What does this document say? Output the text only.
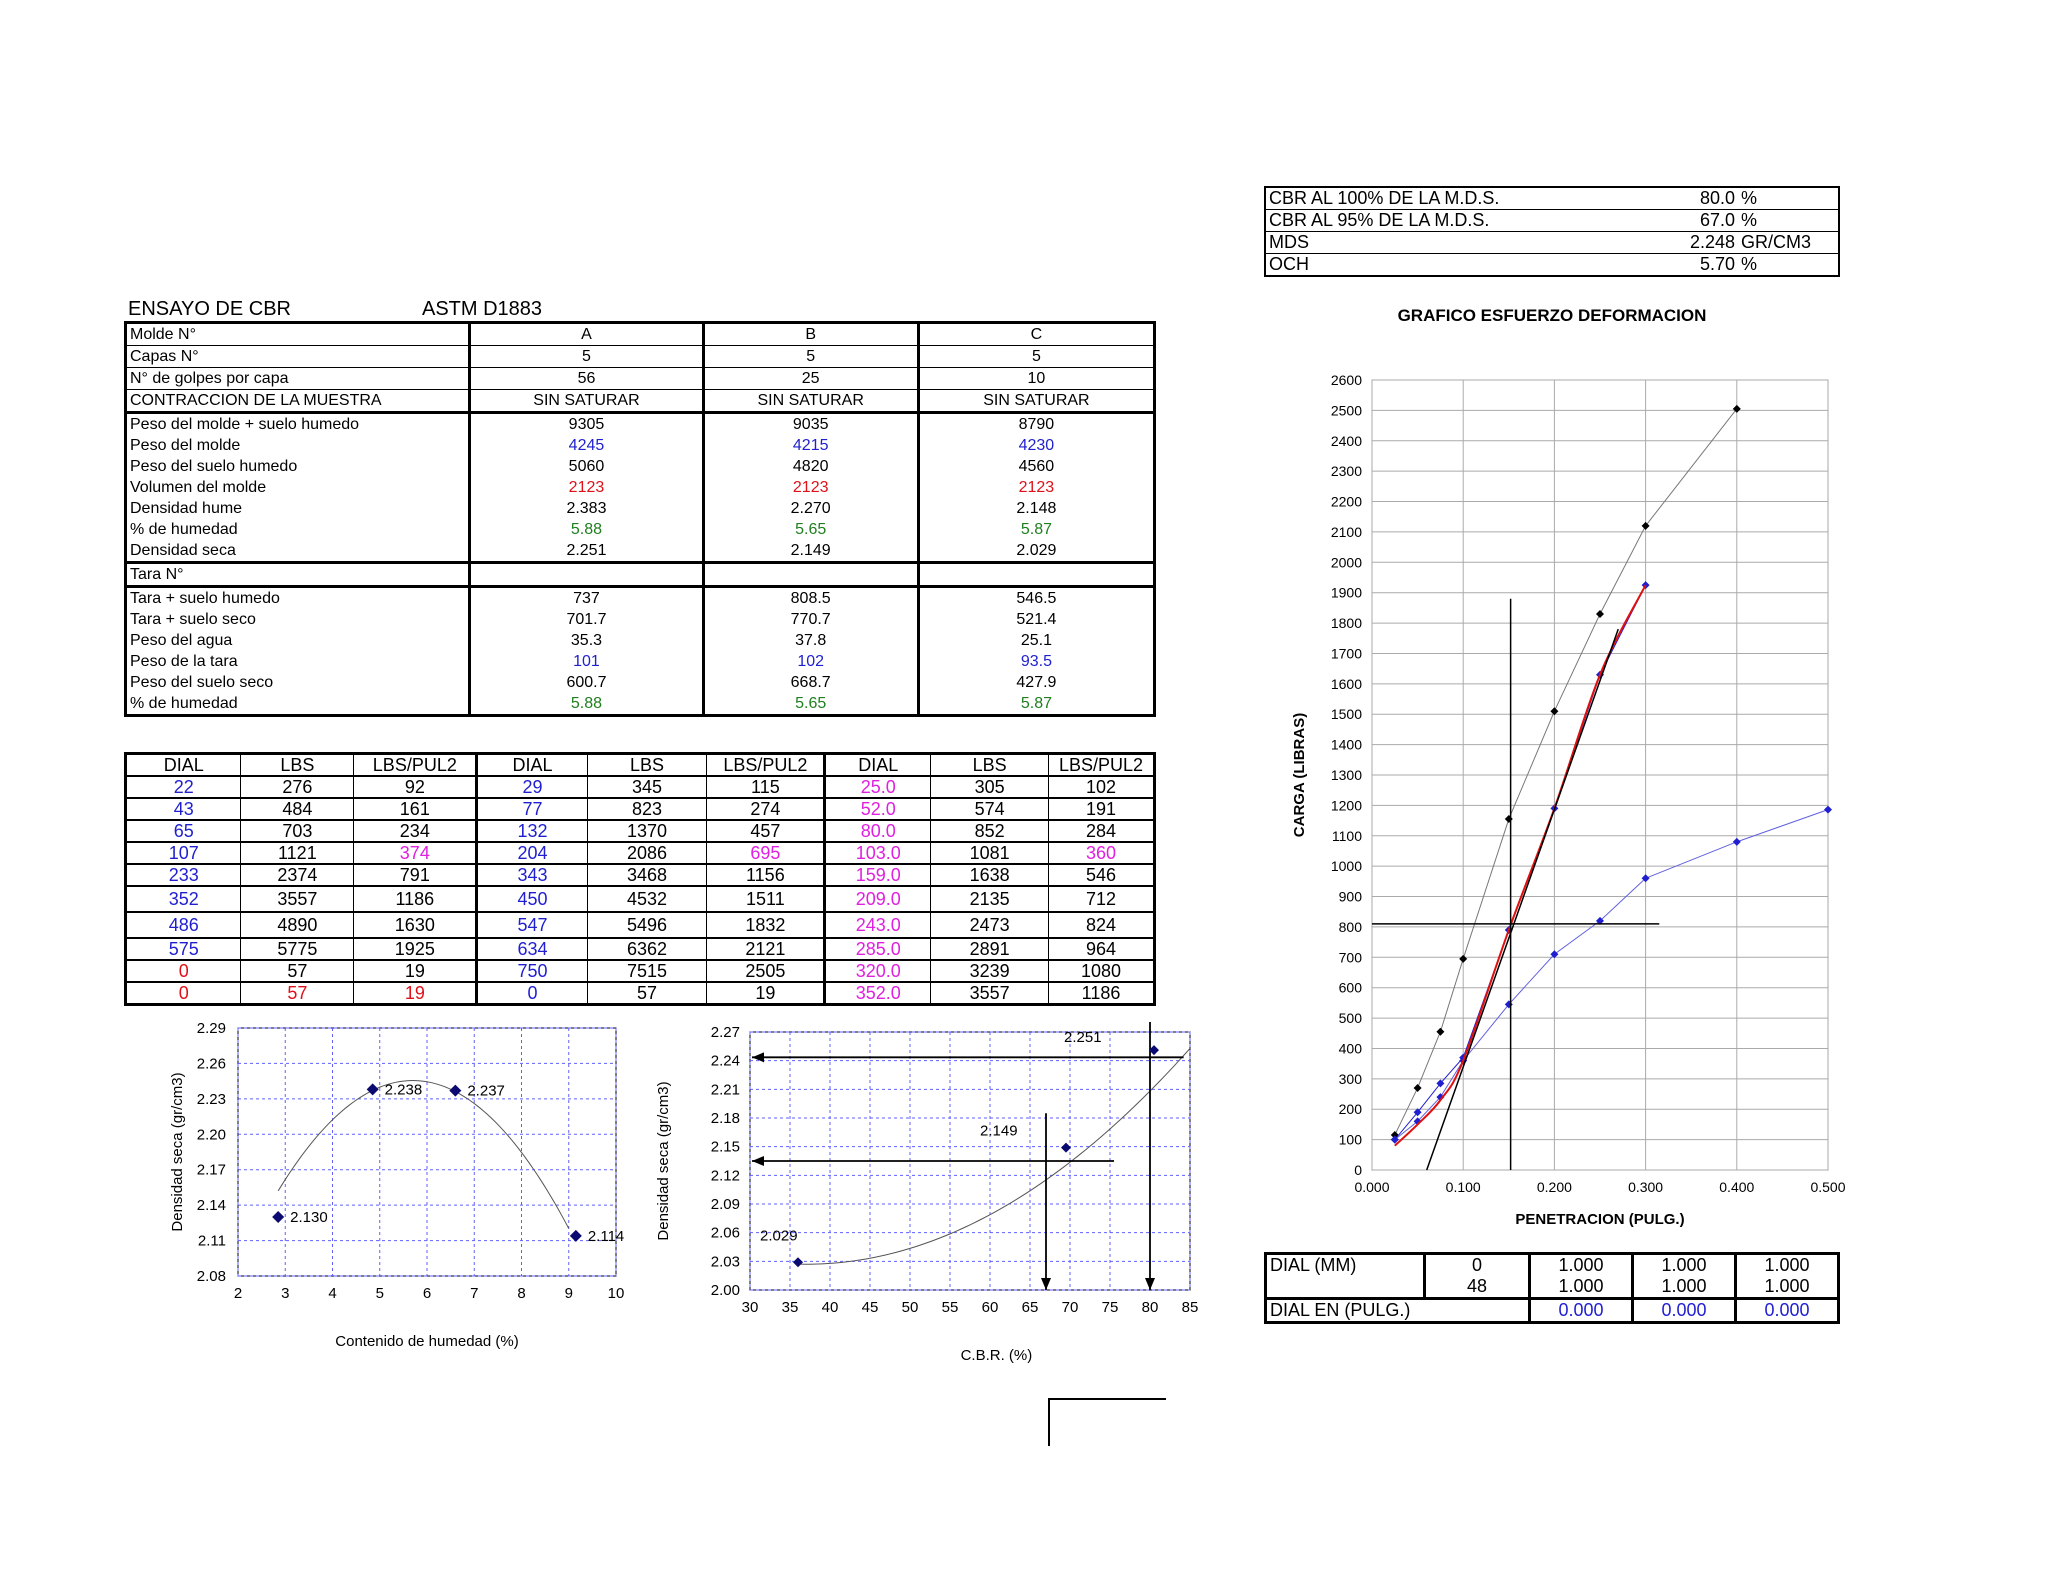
CBR AL 100% DE LA M.D.S.	80.0	%
CBR AL 95% DE LA M.D.S.	67.0	%
MDS	2.248	GR/CM3
OCH	5.70	%
ENSAYO DE CBR	ASTM D1883
Molde N°	A	B	C
Capas N°	5	5	5
N° de golpes por capa	56	25	10
CONTRACCION DE LA MUESTRA	SIN SATURAR	SIN SATURAR	SIN SATURAR
Peso del molde + suelo humedo	9305	9035	8790
Peso del molde	4245	4215	4230
Peso del suelo humedo	5060	4820	4560
Volumen del molde	2123	2123	2123
Densidad hume	2.383	2.270	2.148
% de humedad	5.88	5.65	5.87
Densidad seca	2.251	2.149	2.029
Tara N°			
Tara + suelo humedo	737	808.5	546.5
Tara + suelo seco	701.7	770.7	521.4
Peso del agua	35.3	37.8	25.1
Peso de la tara	101	102	93.5
Peso del suelo seco	600.7	668.7	427.9
% de humedad	5.88	5.65	5.87
DIAL	LBS	LBS/PUL2	DIAL	LBS	LBS/PUL2	DIAL	LBS	LBS/PUL2
22	276	92	29	345	115	25.0	305	102
43	484	161	77	823	274	52.0	574	191
65	703	234	132	1370	457	80.0	852	284
107	1121	374	204	2086	695	103.0	1081	360
233	2374	791	343	3468	1156	159.0	1638	546
352	3557	1186	450	4532	1511	209.0	2135	712
486	4890	1630	547	5496	1832	243.0	2473	824
575	5775	1925	634	6362	2121	285.0	2891	964
0	57	19	750	7515	2505	320.0	3239	1080
0	57	19	0	57	19	352.0	3557	1186
GRAFICO ESFUERZO DEFORMACION
0
100
200
300
400
500
600
700
800
900
1000
1100
1200
1300
1400
1500
1600
1700
1800
1900
2000
2100
2200
2300
2400
2500
2600
0.000	0.100	0.200	0.300	0.400	0.500
PENETRACION (PULG.)
CARGA (LIBRAS)
2.08
2.11
2.14
2.17
2.20
2.23
2.26
2.29
2	3	4	5	6	7	8	9 10
Contenido de humedad (%)
Densidad seca (gr/cm3)	2.130
2.238	2.237
2.114
2.00
2.03
2.06
2.09
2.12
2.15
2.18
2.21
2.24
2.27
30 35 40 45 50 55 60 65 70 75 80 85
C.B.R. (%)
Densidad seca (gr/cm3)	2.029
2.149
2.251
DIAL (MM)	0	1.000	1.000	1.000
	48	1.000	1.000	1.000
DIAL EN (PULG.)		0.000	0.000	0.000
